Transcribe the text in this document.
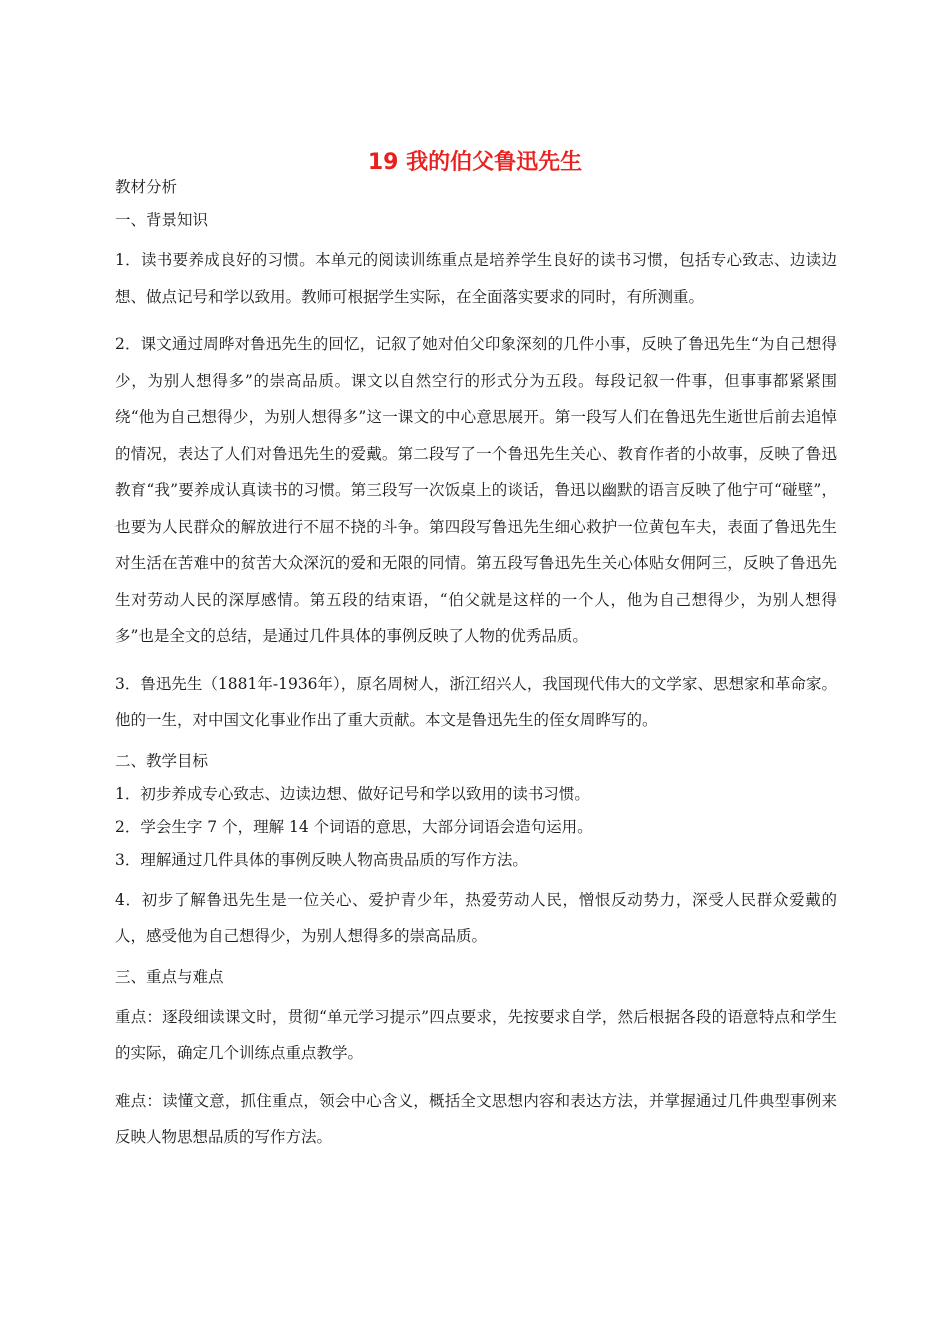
19 我的伯父鲁迅先生

教材分析

一、背景知识

1．读书要养成良好的习惯。本单元的阅读训练重点是培养学生良好的读书习惯，包括专心致志、边读边想、做点记号和学以致用。教师可根据学生实际，在全面落实要求的同时，有所测重。

2．课文通过周晔对鲁迅先生的回忆，记叙了她对伯父印象深刻的几件小事，反映了鲁迅先生“为自己想得少，为别人想得多”的崇高品质。课文以自然空行的形式分为五段。每段记叙一件事，但事事都紧紧围绕“他为自己想得少，为别人想得多”这一课文的中心意思展开。第一段写人们在鲁迅先生逝世后前去追悼的情况，表达了人们对鲁迅先生的爱戴。第二段写了一个鲁迅先生关心、教育作者的小故事，反映了鲁迅教育“我”要养成认真读书的习惯。第三段写一次饭桌上的谈话，鲁迅以幽默的语言反映了他宁可“碰壁”，也要为人民群众的解放进行不屈不挠的斗争。第四段写鲁迅先生细心救护一位黄包车夫，表面了鲁迅先生对生活在苦难中的贫苦大众深沉的爱和无限的同情。第五段写鲁迅先生关心体贴女佣阿三，反映了鲁迅先生对劳动人民的深厚感情。第五段的结束语，“伯父就是这样的一个人，他为自己想得少，为别人想得多”也是全文的总结，是通过几件具体的事例反映了人物的优秀品质。

3．鲁迅先生（1881年-1936年），原名周树人，浙江绍兴人，我国现代伟大的文学家、思想家和革命家。他的一生，对中国文化事业作出了重大贡献。本文是鲁迅先生的侄女周晔写的。

二、教学目标

1．初步养成专心致志、边读边想、做好记号和学以致用的读书习惯。

2．学会生字 7 个，理解 14 个词语的意思，大部分词语会造句运用。

3．理解通过几件具体的事例反映人物高贵品质的写作方法。

4．初步了解鲁迅先生是一位关心、爱护青少年，热爱劳动人民，憎恨反动势力，深受人民群众爱戴的人，感受他为自己想得少，为别人想得多的崇高品质。

三、重点与难点

重点：逐段细读课文时，贯彻“单元学习提示”四点要求，先按要求自学，然后根据各段的语意特点和学生的实际，确定几个训练点重点教学。

难点：读懂文意，抓住重点，领会中心含义，概括全文思想内容和表达方法，并掌握通过几件典型事例来反映人物思想品质的写作方法。
